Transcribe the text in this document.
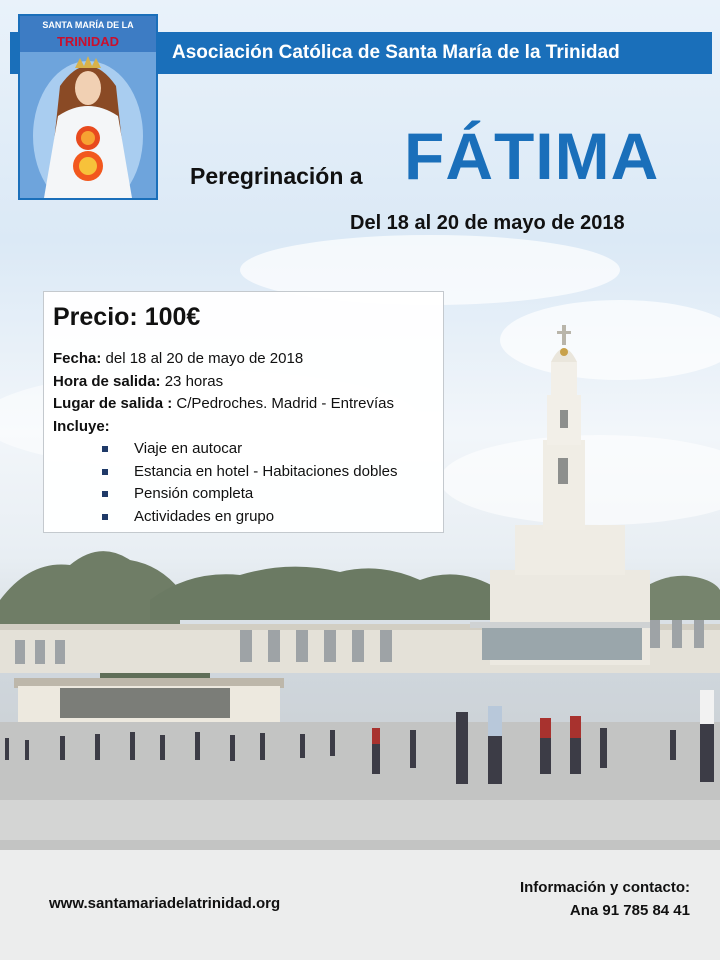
Asociación Católica de Santa María de la Trinidad
SANTA MARÍA DE LA
TRINIDAD
Peregrinación a FÁTIMA
Del 18 al 20 de mayo de 2018
Precio: 100€
Fecha: del 18 al 20 de mayo de 2018
Hora de salida: 23 horas
Lugar de salida : C/Pedroches. Madrid - Entrevías
Incluye:
Viaje en autocar
Estancia en hotel - Habitaciones dobles
Pensión completa
Actividades en grupo
www.santamariadelatrinidad.org
Información y contacto:
Ana 91 785 84 41
